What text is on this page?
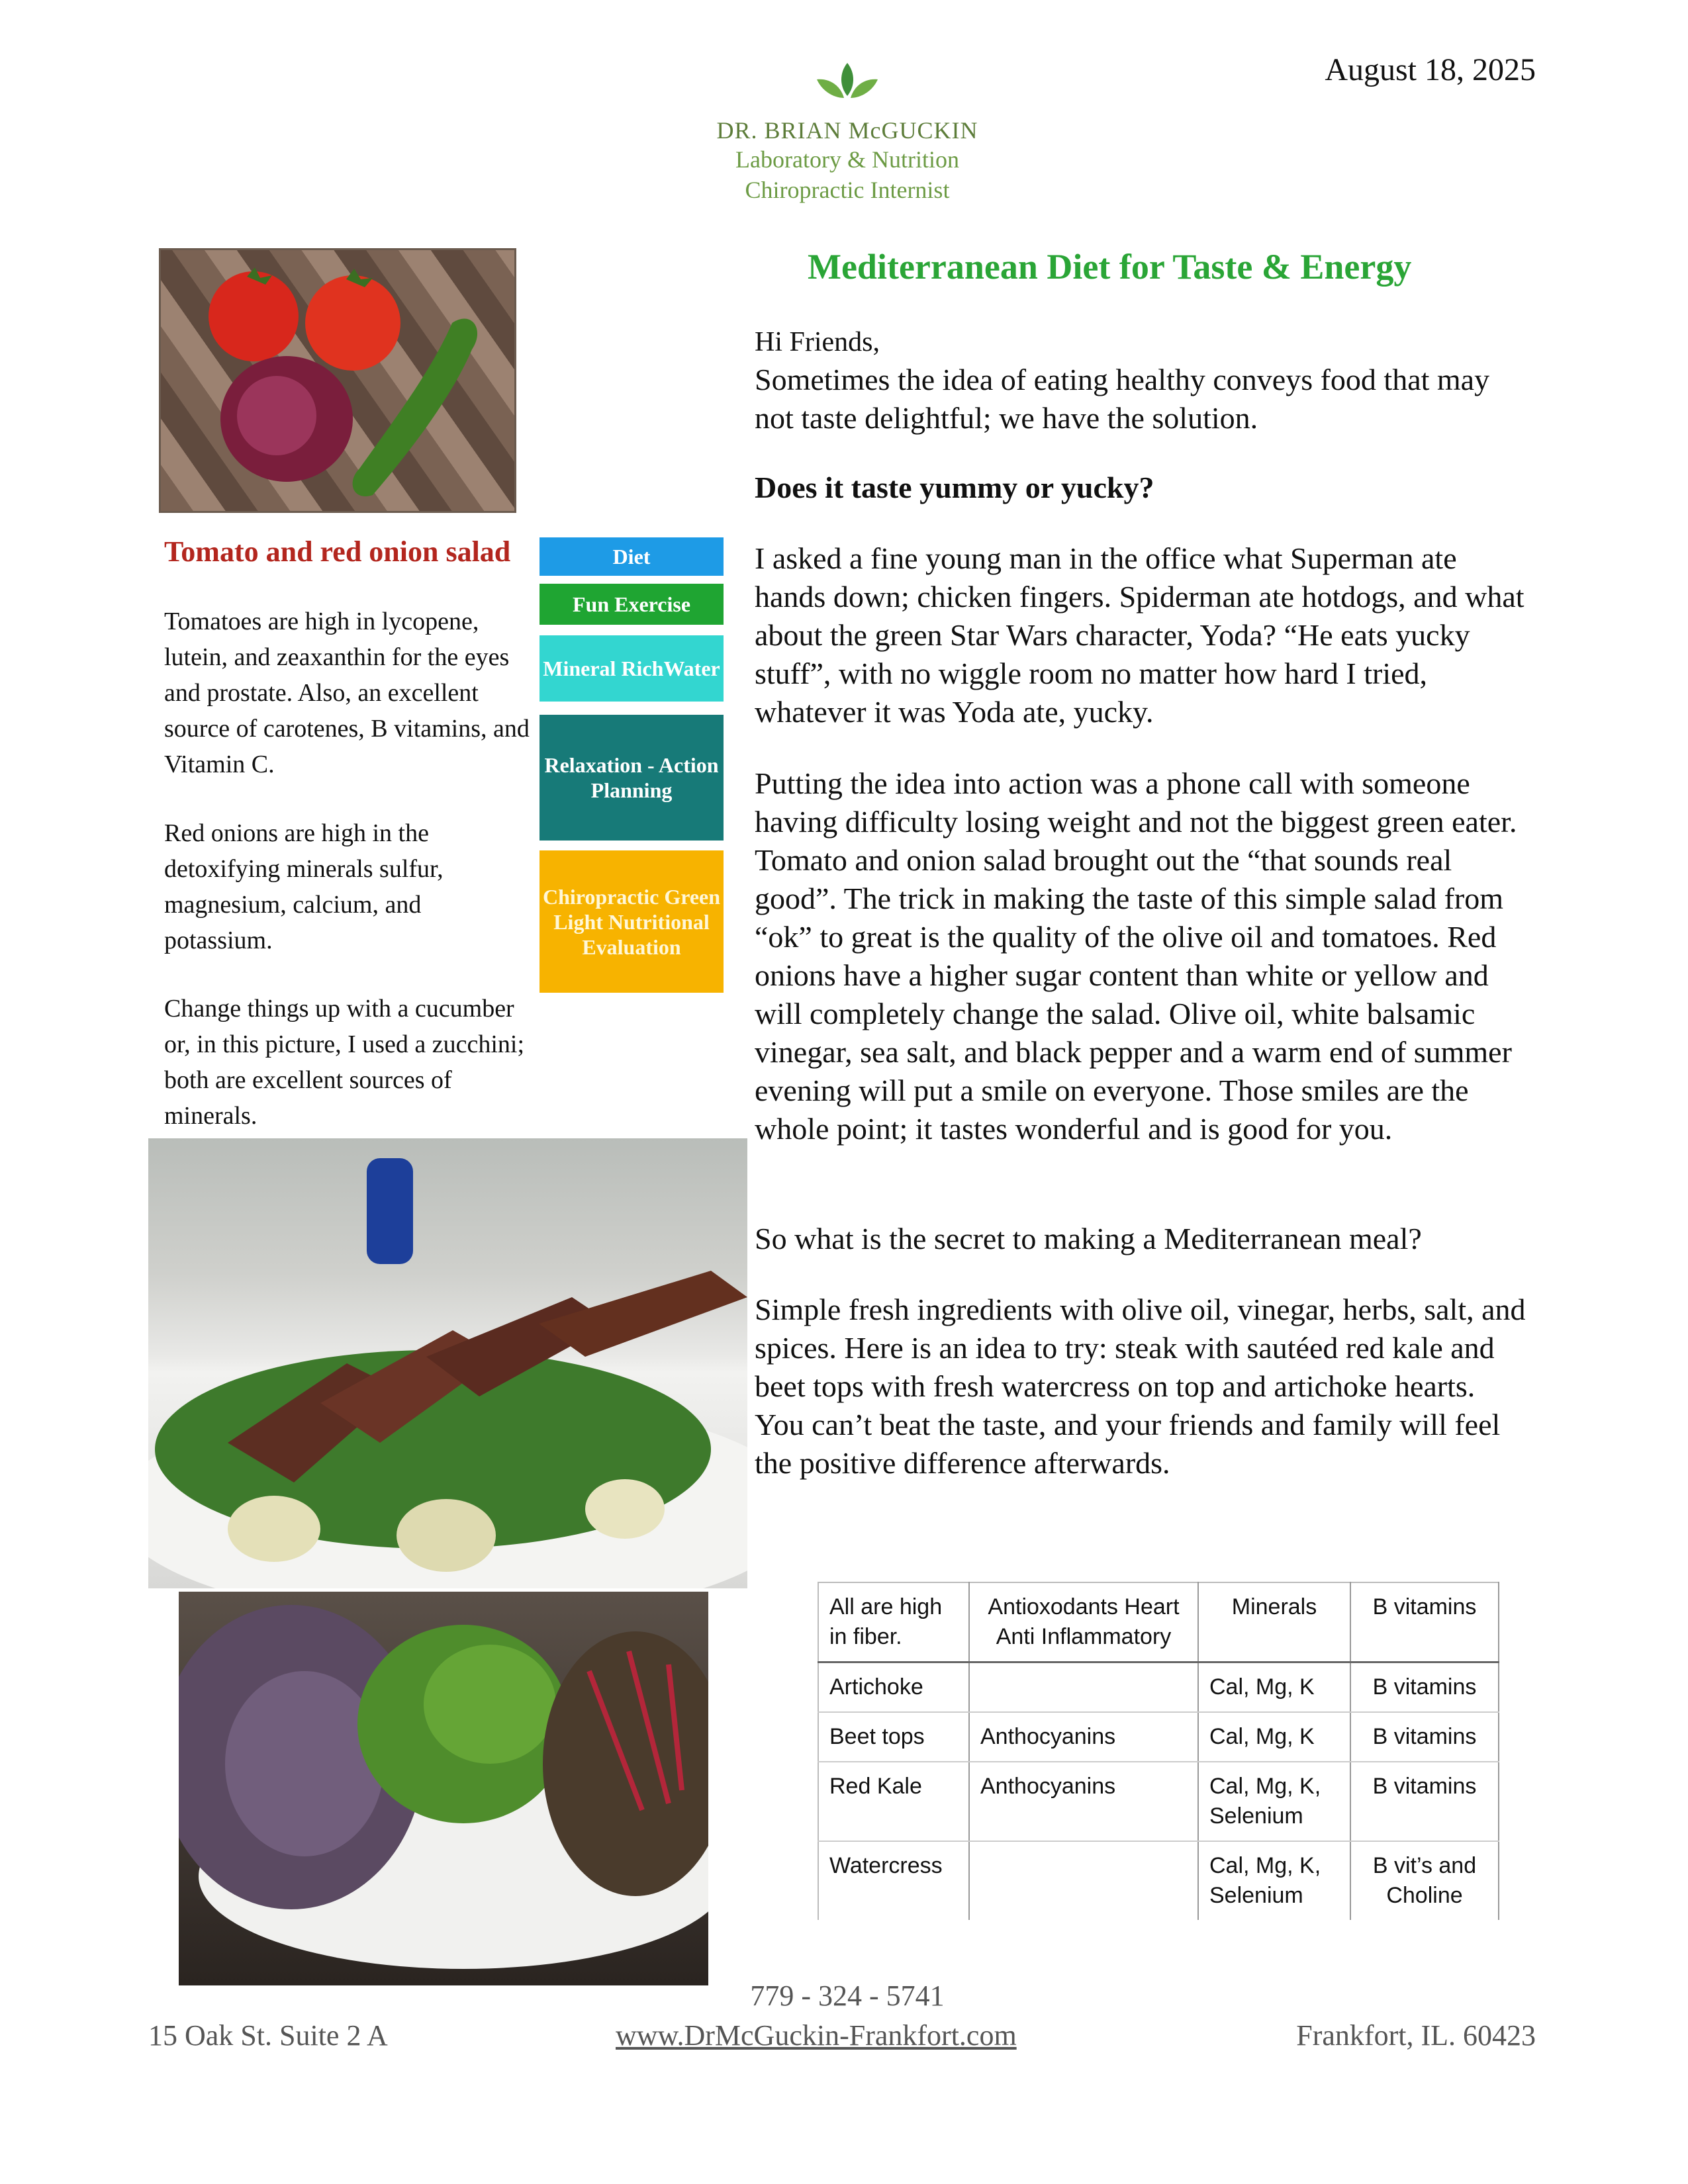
August 18, 2025
DR. BRIAN McGUCKIN
Laboratory & Nutrition
Chiropractic Internist
Tomato and red onion salad
Tomatoes are high in lycopene, lutein, and zeaxanthin for the eyes and prostate. Also, an excellent source of carotenes, B vitamins, and Vitamin C.
Red onions are high in the detoxifying minerals sulfur, magnesium, calcium, and potassium.
Change things up with a cucumber or, in this picture, I used a zucchini; both are excellent sources of minerals.
Diet
Fun Exercise
Mineral RichWater
Relaxation - Action Planning
Chiropractic Green Light Nutritional Evaluation
Mediterranean Diet for Taste & Energy
Hi Friends,
Sometimes the idea of eating healthy conveys food that may not taste delightful; we have the solution.
Does it taste yummy or yucky?
I asked a fine young man in the office what Superman ate hands down; chicken fingers. Spiderman ate hotdogs, and what about the green Star Wars character, Yoda? “He eats yucky stuff”, with no wiggle room no matter how hard I tried, whatever it was Yoda ate, yucky.
Putting the idea into action was a phone call with someone having difficulty losing weight and not the biggest green eater. Tomato and onion salad brought out the “that sounds real good”. The trick in making the taste of this simple salad from “ok” to great is the quality of the olive oil and tomatoes. Red onions have a higher sugar content than white or yellow and will completely change the salad. Olive oil, white balsamic vinegar, sea salt, and black pepper and a warm end of summer evening will put a smile on everyone. Those smiles are the whole point; it tastes wonderful and is good for you.
So what is the secret to making a Mediterranean meal?
Simple fresh ingredients with olive oil, vinegar, herbs, salt, and spices. Here is an idea to try: steak with sautéed red kale and beet tops with fresh watercress on top and artichoke hearts. You can’t beat the taste, and your friends and family will feel the positive difference afterwards.
All are high in fiber.	Antioxodants Heart Anti Inflammatory	Minerals	B vitamins
Artichoke		Cal, Mg, K	B vitamins
Beet tops	Anthocyanins	Cal, Mg, K	B vitamins
Red Kale	Anthocyanins	Cal, Mg, K, Selenium	B vitamins
Watercress		Cal, Mg, K, Selenium	B vit’s and Choline
779 - 324 - 5741
15 Oak St. Suite 2 A	www.DrMcGuckin-Frankfort.com	Frankfort, IL. 60423
